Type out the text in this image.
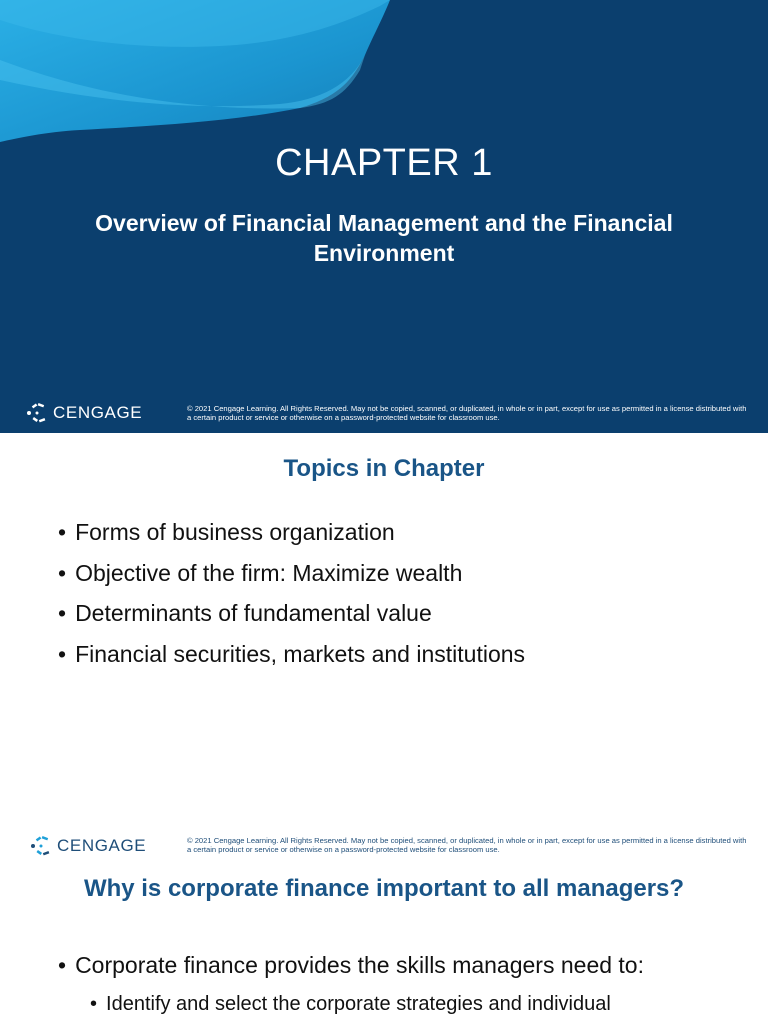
CHAPTER 1
Overview of Financial Management and the Financial Environment
CENGAGE	© 2021 Cengage Learning. All Rights Reserved. May not be copied, scanned, or duplicated, in whole or in part, except for use as permitted in a license distributed with a certain product or service or otherwise on a password-protected website for classroom use.
Topics in Chapter
• Forms of business organization
• Objective of the firm: Maximize wealth
• Determinants of fundamental value
• Financial securities, markets and institutions
CENGAGE	© 2021 Cengage Learning. All Rights Reserved. May not be copied, scanned, or duplicated, in whole or in part, except for use as permitted in a license distributed with a certain product or service or otherwise on a password-protected website for classroom use.
Why is corporate finance important to all managers?
• Corporate finance provides the skills managers need to:
• Identify and select the corporate strategies and individual
